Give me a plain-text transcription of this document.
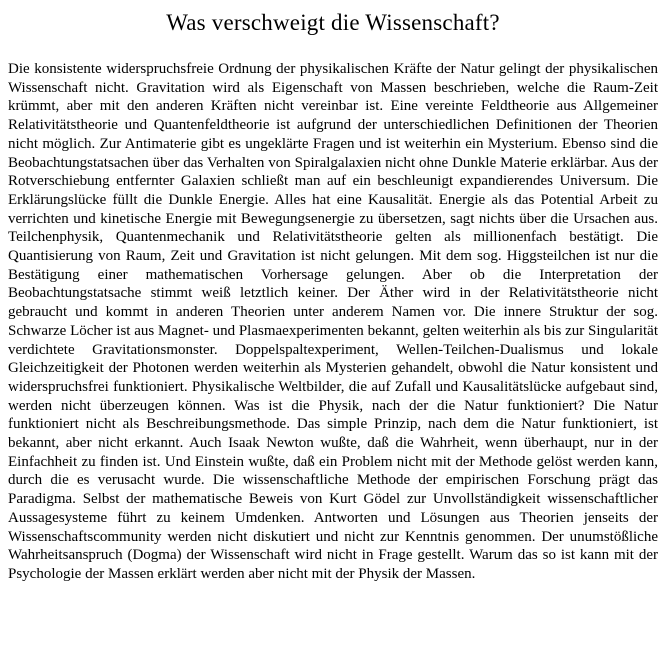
Was verschweigt die Wissenschaft?

Die konsistente widerspruchsfreie Ordnung der physikalischen Kräfte der Natur gelingt der physikalischen Wissenschaft nicht. Gravitation wird als Eigenschaft von Massen beschrieben, welche die Raum-Zeit krümmt, aber mit den anderen Kräften nicht vereinbar ist. Eine vereinte Feldtheorie aus Allgemeiner Relativitätstheorie und Quantenfeldtheorie ist aufgrund der unterschiedlichen Definitionen der Theorien nicht möglich. Zur Antimaterie gibt es ungeklärte Fragen und ist weiterhin ein Mysterium. Ebenso sind die Beobachtungstatsachen über das Verhalten von Spiralgalaxien nicht ohne Dunkle Materie erklärbar. Aus der Rotverschiebung entfernter Galaxien schließt man auf ein beschleunigt expandierendes Universum. Die Erklärungslücke füllt die Dunkle Energie. Alles hat eine Kausalität. Energie als das Potential Arbeit zu verrichten und kinetische Energie mit Bewegungsenergie zu übersetzen, sagt nichts über die Ursachen aus. Teilchenphysik, Quantenmechanik und Relativitätstheorie gelten als millionenfach bestätigt. Die Quantisierung von Raum, Zeit und Gravitation ist nicht gelungen. Mit dem sog. Higgsteilchen ist nur die Bestätigung einer mathematischen Vorhersage gelungen. Aber ob die Interpretation der Beobachtungstatsache stimmt weiß letztlich keiner. Der Äther wird in der Relativitätstheorie nicht gebraucht und kommt in anderen Theorien unter anderem Namen vor. Die innere Struktur der sog. Schwarze Löcher ist aus Magnet- und Plasmaexperimenten bekannt, gelten weiterhin als bis zur Singularität verdichtete Gravitationsmonster. Doppelspaltexperiment, Wellen-Teilchen-Dualismus und lokale Gleichzeitigkeit der Photonen werden weiterhin als Mysterien gehandelt, obwohl die Natur konsistent und widerspruchsfrei funktioniert. Physikalische Weltbilder, die auf Zufall und Kausalitätslücke aufgebaut sind, werden nicht überzeugen können. Was ist die Physik, nach der die Natur funktioniert? Die Natur funktioniert nicht als Beschreibungsmethode. Das simple Prinzip, nach dem die Natur funktioniert, ist bekannt, aber nicht erkannt. Auch Isaak Newton wußte, daß die Wahrheit, wenn überhaupt, nur in der Einfachheit zu finden ist. Und Einstein wußte, daß ein Problem nicht mit der Methode gelöst werden kann, durch die es verusacht wurde. Die wissenschaftliche Methode der empirischen Forschung prägt das Paradigma. Selbst der mathematische Beweis von Kurt Gödel zur Unvollständigkeit wissenschaftlicher Aussagesysteme führt zu keinem Umdenken. Antworten und Lösungen aus Theorien jenseits der Wissenschaftscommunity werden nicht diskutiert und nicht zur Kenntnis genommen. Der unumstößliche Wahrheitsanspruch (Dogma) der Wissenschaft wird nicht in Frage gestellt. Warum das so ist kann mit der Psychologie der Massen erklärt werden aber nicht mit der Physik der Massen.
